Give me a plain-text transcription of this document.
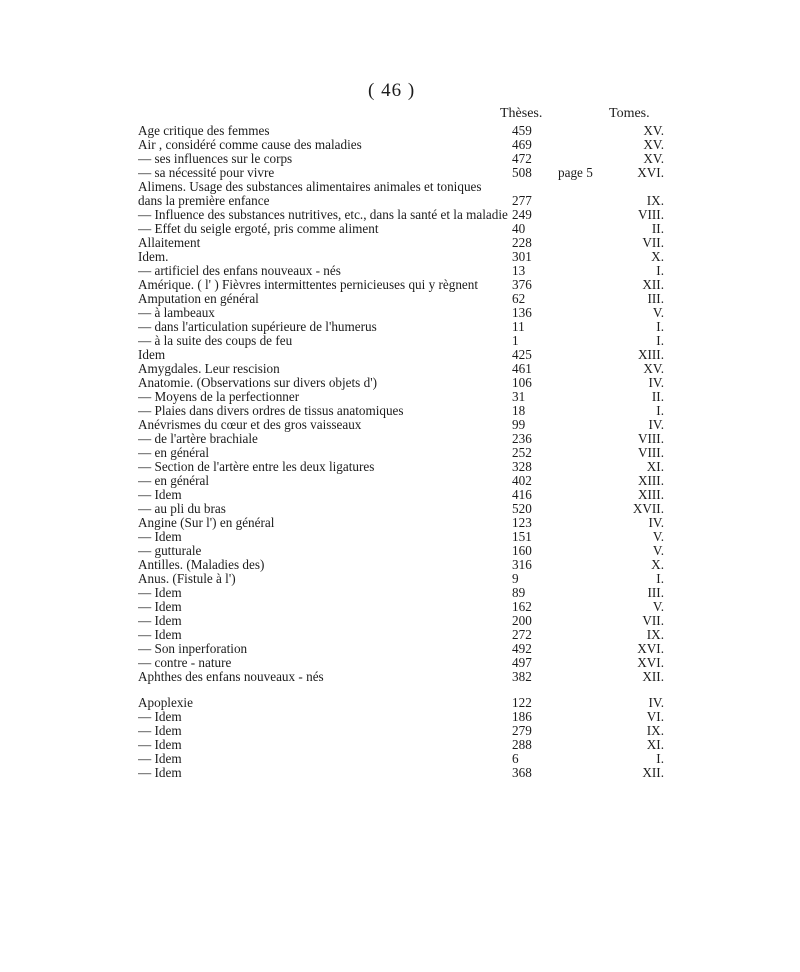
( 46 )
Thèses.	Tomes.
Age critique des femmes	459	XV.
Air , considéré comme cause des maladies	469	XV.
— ses influences sur le corps	472	XV.
— sa nécessité pour vivre	508	page 5	XVI.
Alimens. Usage des substances alimentaires animales et toniques dans la première enfance	277	IX.
— Influence des substances nutritives, etc., dans la santé et la maladie 249	VIII.
— Effet du seigle ergoté, pris comme aliment	40	II.
Allaitement	228	VII.
Idem.	301	X.
— artificiel des enfans nouveaux - nés	13	I.
Amérique. ( l' ) Fièvres intermittentes pernicieuses qui y règnent	376	XII.
Amputation en général	62	III.
— à lambeaux	136	V.
— dans l'articulation supérieure de l'humerus	11	I.
— à la suite des coups de feu	1	I.
Idem	425	XIII.
Amygdales. Leur rescision	461	XV.
Anatomie. (Observations sur divers objets d')	106	IV.
— Moyens de la perfectionner	31	II.
— Plaies dans divers ordres de tissus anatomiques	18	I.
Anévrismes du cœur et des gros vaisseaux	99	IV.
— de l'artère brachiale	236	VIII.
— en général	252	VIII.
— Section de l'artère entre les deux ligatures	328	XI.
— en général	402	XIII.
— Idem	416	XIII.
— au pli du bras	520	XVII.
Angine (Sur l') en général	123	IV.
— Idem	151	V.
— gutturale	160	V.
Antilles. (Maladies des)	316	X.
Anus. (Fistule à l')	9	I.
— Idem	89	III.
— Idem	162	V.
— Idem	200	VII.
— Idem	272	IX.
— Son inperforation	492	XVI.
— contre - nature	497	XVI.
Aphthes des enfans nouveaux - nés	382	XII.
Apoplexie	122	IV.
— Idem	186	VI.
— Idem	279	IX.
— Idem	288	XI.
— Idem	6	I.
— Idem	368	XII.
